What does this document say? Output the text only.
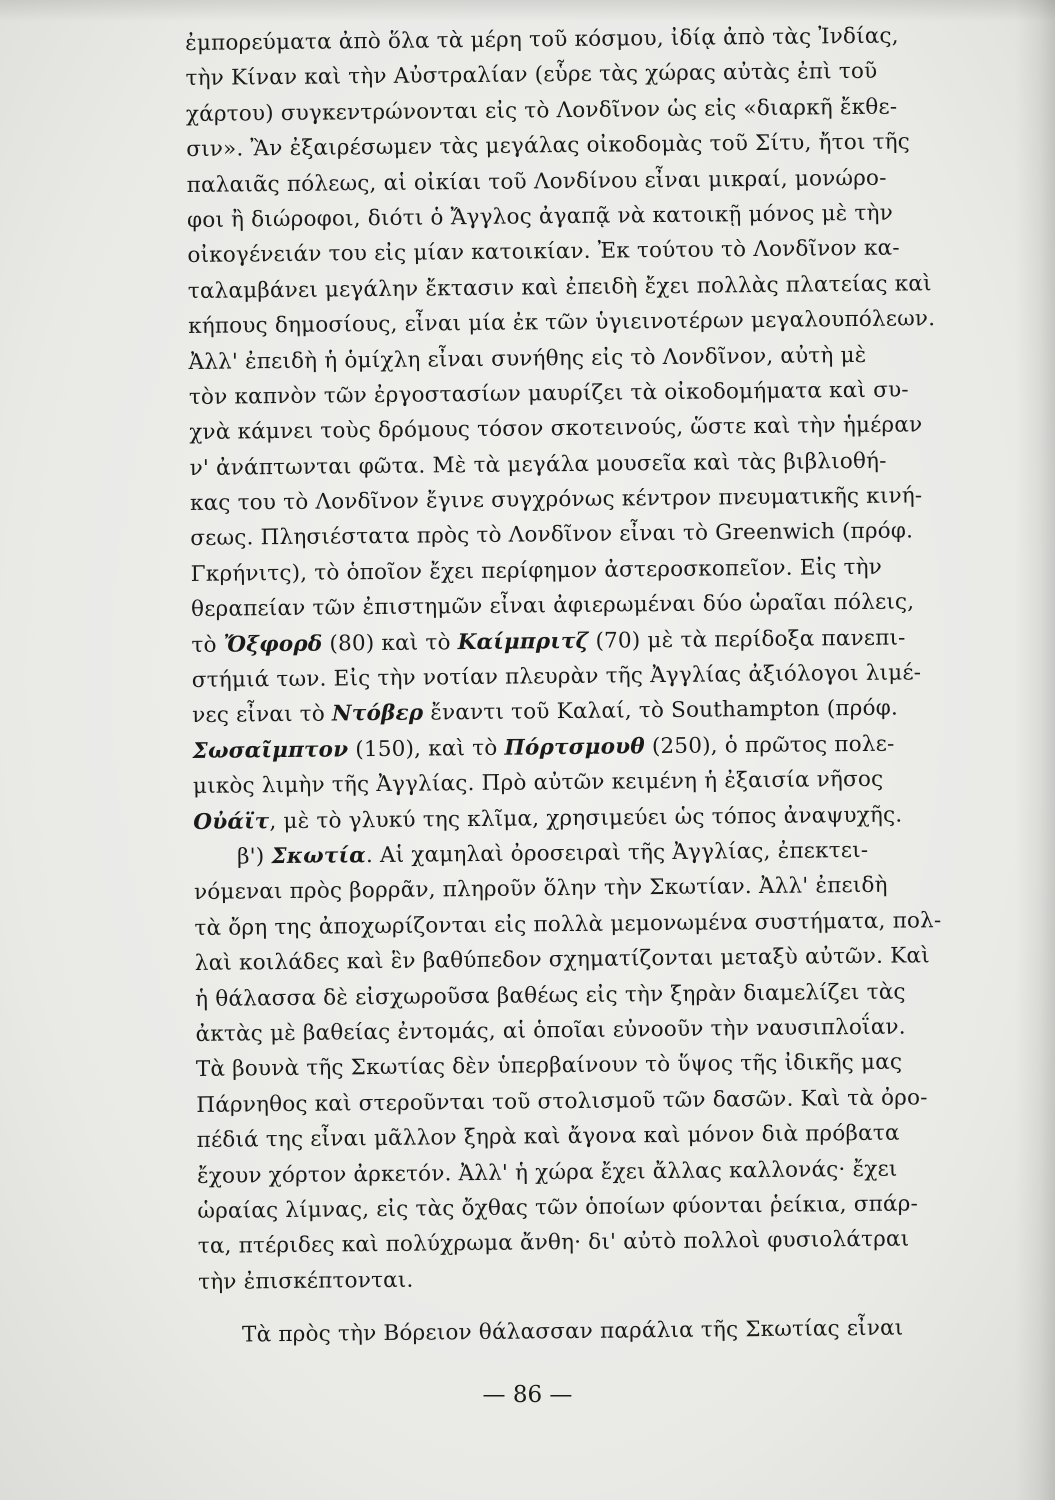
ἐμπορεύματα ἀπὸ ὅλα τὰ μέρη τοῦ κόσμου, ἰδίᾳ ἀπὸ τὰς Ἰνδίας,
τὴν Κίναν καὶ τὴν Αὐστραλίαν (εὗρε τὰς χώρας αὐτὰς ἐπὶ τοῦ
χάρτου) συγκεντρώνονται εἰς τὸ Λονδῖνον ὡς εἰς «διαρκῆ ἔκθε-
σιν». Ἂν ἐξαιρέσωμεν τὰς μεγάλας οἰκοδομὰς τοῦ Σίτυ, ἤτοι τῆς
παλαιᾶς πόλεως, αἱ οἰκίαι τοῦ Λονδίνου εἶναι μικραί, μονώρο-
φοι ἢ διώροφοι, διότι ὁ Ἄγγλος ἀγαπᾷ νὰ κατοικῇ μόνος μὲ τὴν
οἰκογένειάν του εἰς μίαν κατοικίαν. Ἐκ τούτου τὸ Λονδῖνον κα-
ταλαμβάνει μεγάλην ἔκτασιν καὶ ἐπειδὴ ἔχει πολλὰς πλατείας καὶ
κήπους δημοσίους, εἶναι μία ἐκ τῶν ὑγιεινοτέρων μεγαλουπόλεων.
Ἀλλ' ἐπειδὴ ἡ ὁμίχλη εἶναι συνήθης εἰς τὸ Λονδῖνον, αὐτὴ μὲ
τὸν καπνὸν τῶν ἐργοστασίων μαυρίζει τὰ οἰκοδομήματα καὶ συ-
χνὰ κάμνει τοὺς δρόμους τόσον σκοτεινούς, ὥστε καὶ τὴν ἡμέραν
ν' ἀνάπτωνται φῶτα. Μὲ τὰ μεγάλα μουσεῖα καὶ τὰς βιβλιοθή-
κας του τὸ Λονδῖνον ἔγινε συγχρόνως κέντρον πνευματικῆς κινή-
σεως. Πλησιέστατα πρὸς τὸ Λονδῖνον εἶναι τὸ Greenwich (πρόφ.
Γκρήνιτς), τὸ ὁποῖον ἔχει περίφημον ἀστεροσκοπεῖον. Εἰς τὴν
θεραπείαν τῶν ἐπιστημῶν εἶναι ἀφιερωμέναι δύο ὡραῖαι πόλεις,
τὸ Ὄξφορδ (80) καὶ τὸ Καίμπριτζ (70) μὲ τὰ περίδοξα πανεπι-
στήμιά των. Εἰς τὴν νοτίαν πλευρὰν τῆς Ἀγγλίας ἀξιόλογοι λιμέ-
νες εἶναι τὸ Ντόβερ ἔναντι τοῦ Καλαί, τὸ Southampton (πρόφ.
Σωσαῖμπτον (150), καὶ τὸ Πόρτσμουθ (250), ὁ πρῶτος πολε-
μικὸς λιμὴν τῆς Ἀγγλίας. Πρὸ αὐτῶν κειμένη ἡ ἐξαισία νῆσος
Οὐάϊτ, μὲ τὸ γλυκύ της κλῖμα, χρησιμεύει ὡς τόπος ἀναψυχῆς.
  β') Σκωτία. Αἱ χαμηλαὶ ὀροσειραὶ τῆς Ἀγγλίας, ἐπεκτει-
νόμεναι πρὸς βορρᾶν, πληροῦν ὅλην τὴν Σκωτίαν. Ἀλλ' ἐπειδὴ
τὰ ὄρη της ἀποχωρίζονται εἰς πολλὰ μεμονωμένα συστήματα, πολ-
λαὶ κοιλάδες καὶ ἓν βαθύπεδον σχηματίζονται μεταξὺ αὐτῶν. Καὶ
ἡ θάλασσα δὲ εἰσχωροῦσα βαθέως εἰς τὴν ξηρὰν διαμελίζει τὰς
ἀκτὰς μὲ βαθείας ἐντομάς, αἱ ὁποῖαι εὐνοοῦν τὴν ναυσιπλοΐαν.
Τὰ βουνὰ τῆς Σκωτίας δὲν ὑπερβαίνουν τὸ ὕψος τῆς ἰδικῆς μας
Πάρνηθος καὶ στεροῦνται τοῦ στολισμοῦ τῶν δασῶν. Καὶ τὰ ὀρο-
πέδιά της εἶναι μᾶλλον ξηρὰ καὶ ἄγονα καὶ μόνον διὰ πρόβατα
ἔχουν χόρτον ἀρκετόν. Ἀλλ' ἡ χώρα ἔχει ἄλλας καλλονάς· ἔχει
ὡραίας λίμνας, εἰς τὰς ὄχθας τῶν ὁποίων φύονται ῥείκια, σπάρ-
τα, πτέριδες καὶ πολύχρωμα ἄνθη· δι' αὐτὸ πολλοὶ φυσιολάτραι
τὴν ἐπισκέπτονται.
  Τὰ πρὸς τὴν Βόρειον θάλασσαν παράλια τῆς Σκωτίας εἶναι
— 86 —
